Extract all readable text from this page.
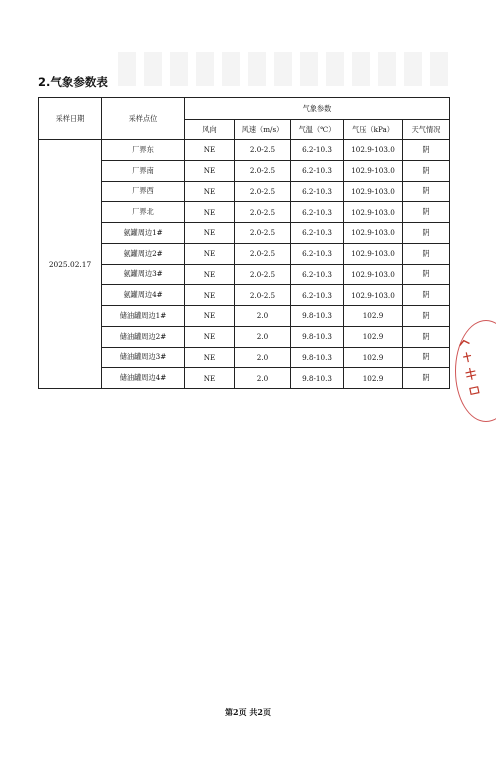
2.气象参数表
采样日期	采样点位	气象参数				
		风向	风速（m/s）	气温（℃）	气压（kPa）	天气情况
2025.02.17	厂界东	NE	2.0-2.5	6.2-10.3	102.9-103.0	阴
	厂界南	NE	2.0-2.5	6.2-10.3	102.9-103.0	阴
	厂界西	NE	2.0-2.5	6.2-10.3	102.9-103.0	阴
	厂界北	NE	2.0-2.5	6.2-10.3	102.9-103.0	阴
	氨罐周边1#	NE	2.0-2.5	6.2-10.3	102.9-103.0	阴
	氨罐周边2#	NE	2.0-2.5	6.2-10.3	102.9-103.0	阴
	氨罐周边3#	NE	2.0-2.5	6.2-10.3	102.9-103.0	阴
	氨罐周边4#	NE	2.0-2.5	6.2-10.3	102.9-103.0	阴
	储油罐周边1#	NE	2.0	9.8-10.3	102.9	阴
	储油罐周边2#	NE	2.0	9.8-10.3	102.9	阴
	储油罐周边3#	NE	2.0	9.8-10.3	102.9	阴
	储油罐周边4#	NE	2.0	9.8-10.3	102.9	阴
第2页 共2页
